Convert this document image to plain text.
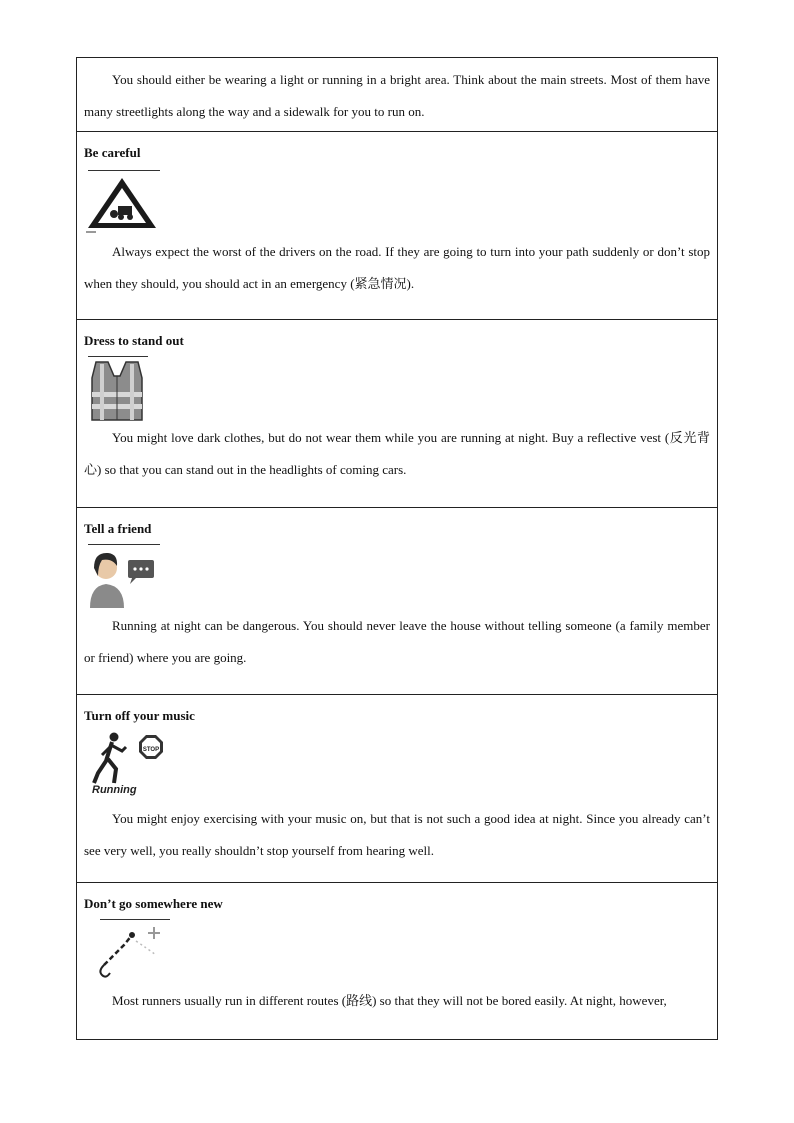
You should either be wearing a light or running in a bright area. Think about the main streets. Most of them have many streetlights along the way and a sidewalk for you to run on.

Be careful

Always expect the worst of the drivers on the road. If they are going to turn into your path suddenly or don’t stop when they should, you should act in an emergency (紧急情况).

Dress to stand out

You might love dark clothes, but do not wear them while you are running at night. Buy a reflective vest (反光背心) so that you can stand out in the headlights of coming cars.

Tell a friend

Running at night can be dangerous. You should never leave the house without telling someone (a family member or friend) where you are going.

Turn off your music
STOP
Running

You might enjoy exercising with your music on, but that is not such a good idea at night. Since you already can’t see very well, you really shouldn’t stop yourself from hearing well.

Don’t go somewhere new

Most runners usually run in different routes (路线) so that they will not be bored easily. At night, however,
